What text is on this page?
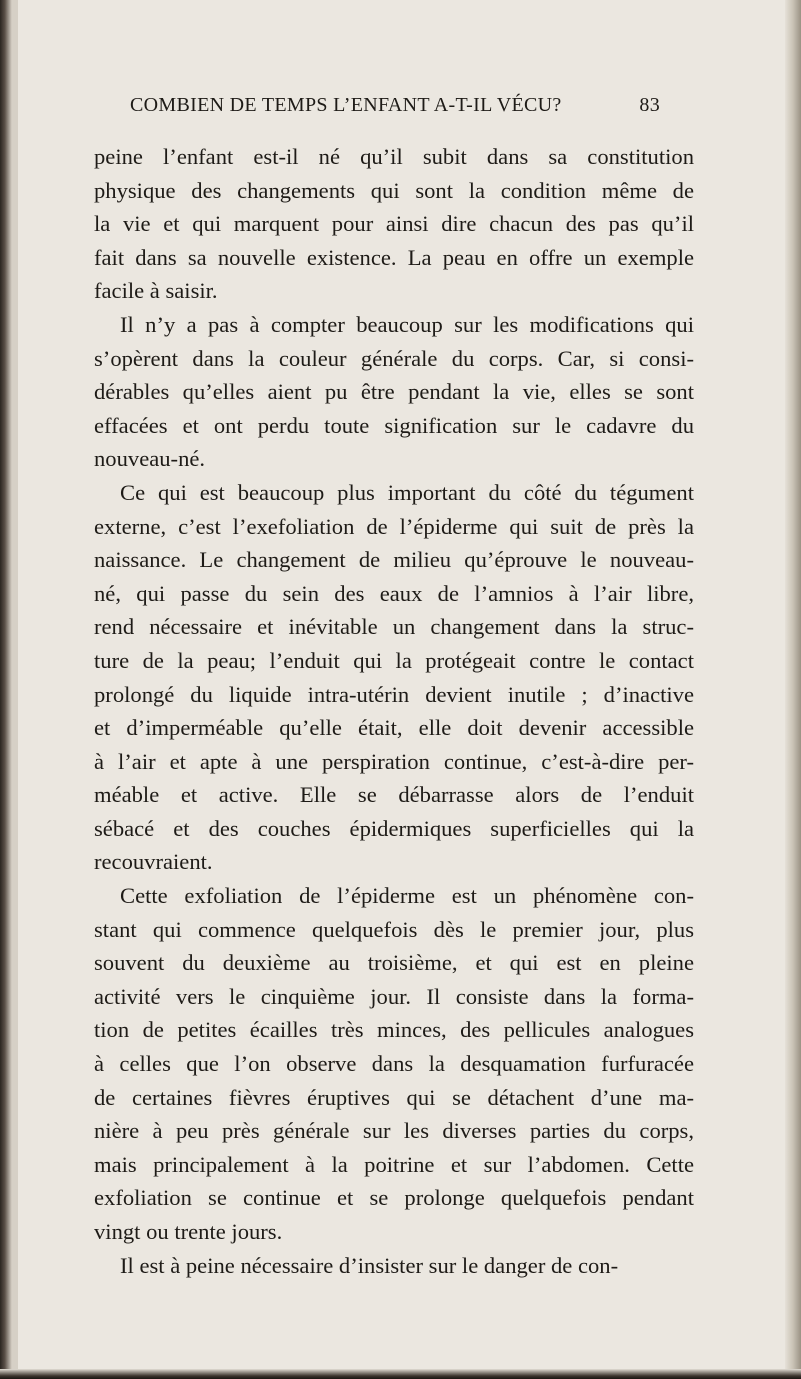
COMBIEN DE TEMPS L’ENFANT A-T-IL VÉCU?	83
peine l’enfant est-il né qu’il subit dans sa constitution
physique des changements qui sont la condition même de
la vie et qui marquent pour ainsi dire chacun des pas qu’il
fait dans sa nouvelle existence. La peau en offre un exemple
facile à saisir.
Il n’y a pas à compter beaucoup sur les modifications qui
s’opèrent dans la couleur générale du corps. Car, si consi-
dérables qu’elles aient pu être pendant la vie, elles se sont
effacées et ont perdu toute signification sur le cadavre du
nouveau-né.
Ce qui est beaucoup plus important du côté du tégument
externe, c’est l’exefoliation de l’épiderme qui suit de près la
naissance. Le changement de milieu qu’éprouve le nouveau-
né, qui passe du sein des eaux de l’amnios à l’air libre,
rend nécessaire et inévitable un changement dans la struc-
ture de la peau; l’enduit qui la protégeait contre le contact
prolongé du liquide intra-utérin devient inutile ; d’inactive
et d’imperméable qu’elle était, elle doit devenir accessible
à l’air et apte à une perspiration continue, c’est-à-dire per-
méable et active. Elle se débarrasse alors de l’enduit
sébacé et des couches épidermiques superficielles qui la
recouvraient.
Cette exfoliation de l’épiderme est un phénomène con-
stant qui commence quelquefois dès le premier jour, plus
souvent du deuxième au troisième, et qui est en pleine
activité vers le cinquième jour. Il consiste dans la forma-
tion de petites écailles très minces, des pellicules analogues
à celles que l’on observe dans la desquamation furfuracée
de certaines fièvres éruptives qui se détachent d’une ma-
nière à peu près générale sur les diverses parties du corps,
mais principalement à la poitrine et sur l’abdomen. Cette
exfoliation se continue et se prolonge quelquefois pendant
vingt ou trente jours.
Il est à peine nécessaire d’insister sur le danger de con-
